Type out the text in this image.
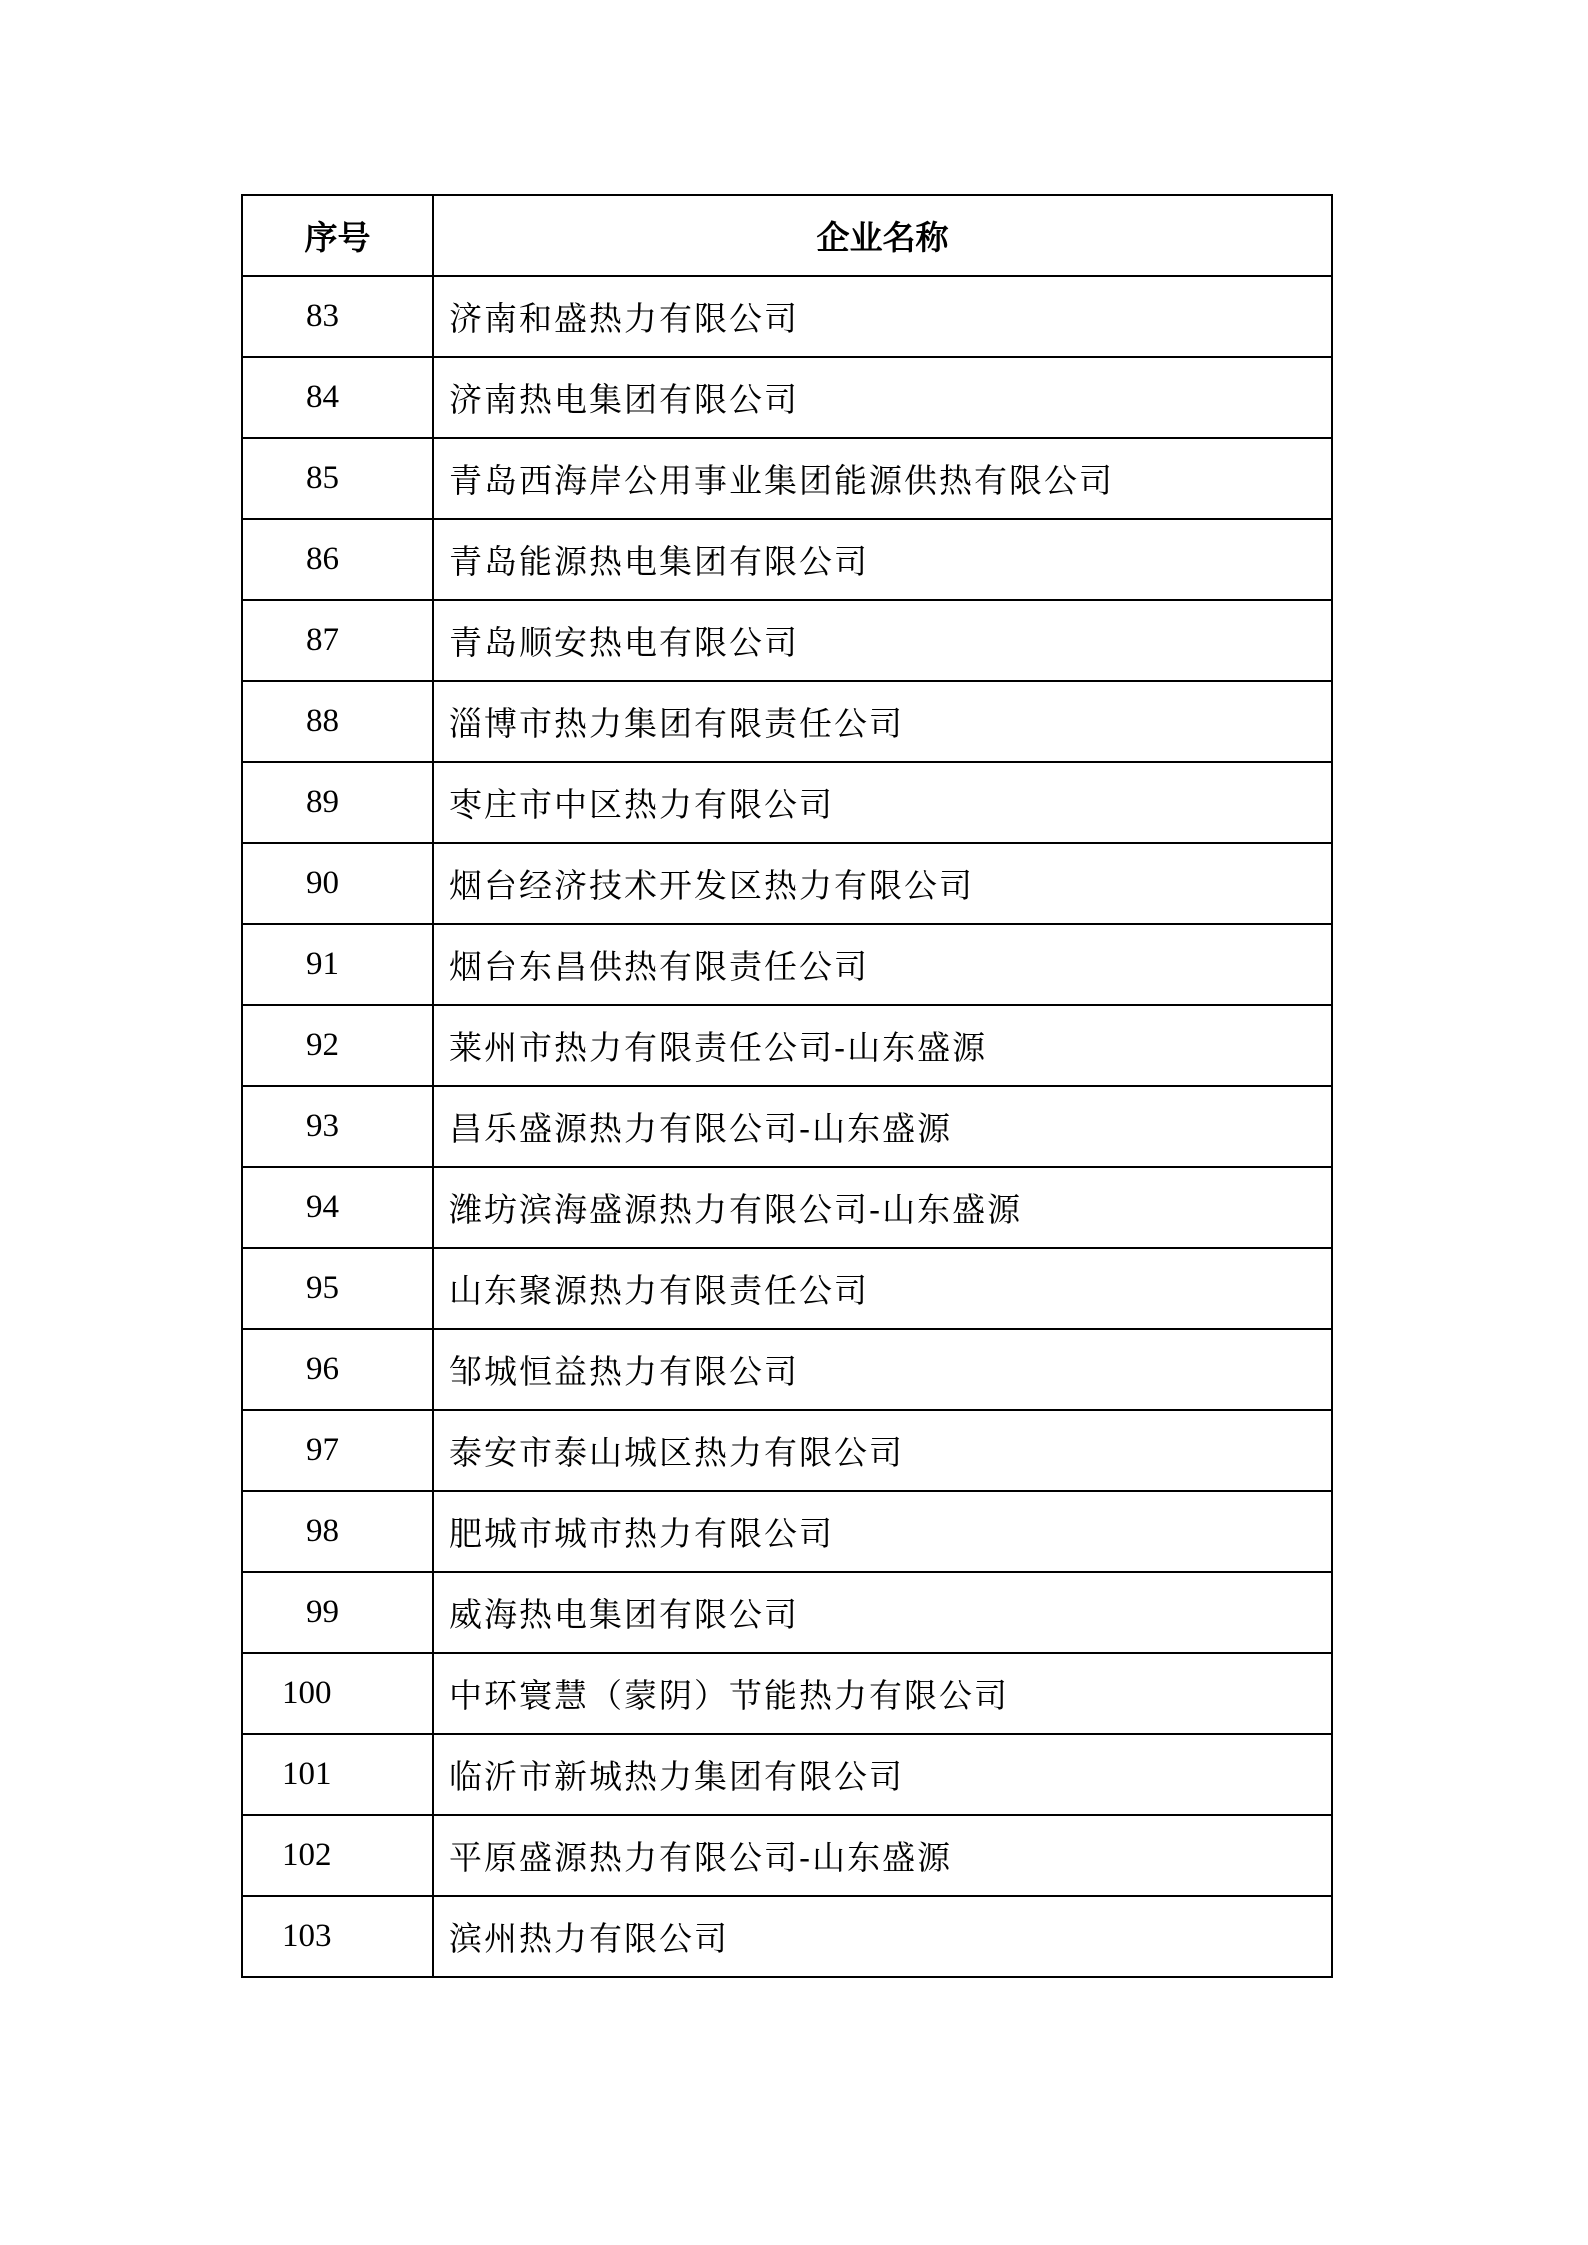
序号	企业名称
83	济南和盛热力有限公司
84	济南热电集团有限公司
85	青岛西海岸公用事业集团能源供热有限公司
86	青岛能源热电集团有限公司
87	青岛顺安热电有限公司
88	淄博市热力集团有限责任公司
89	枣庄市中区热力有限公司
90	烟台经济技术开发区热力有限公司
91	烟台东昌供热有限责任公司
92	莱州市热力有限责任公司-山东盛源
93	昌乐盛源热力有限公司-山东盛源
94	潍坊滨海盛源热力有限公司-山东盛源
95	山东聚源热力有限责任公司
96	邹城恒益热力有限公司
97	泰安市泰山城区热力有限公司
98	肥城市城市热力有限公司
99	威海热电集团有限公司
100	中环寰慧（蒙阴）节能热力有限公司
101	临沂市新城热力集团有限公司
102	平原盛源热力有限公司-山东盛源
103	滨州热力有限公司
